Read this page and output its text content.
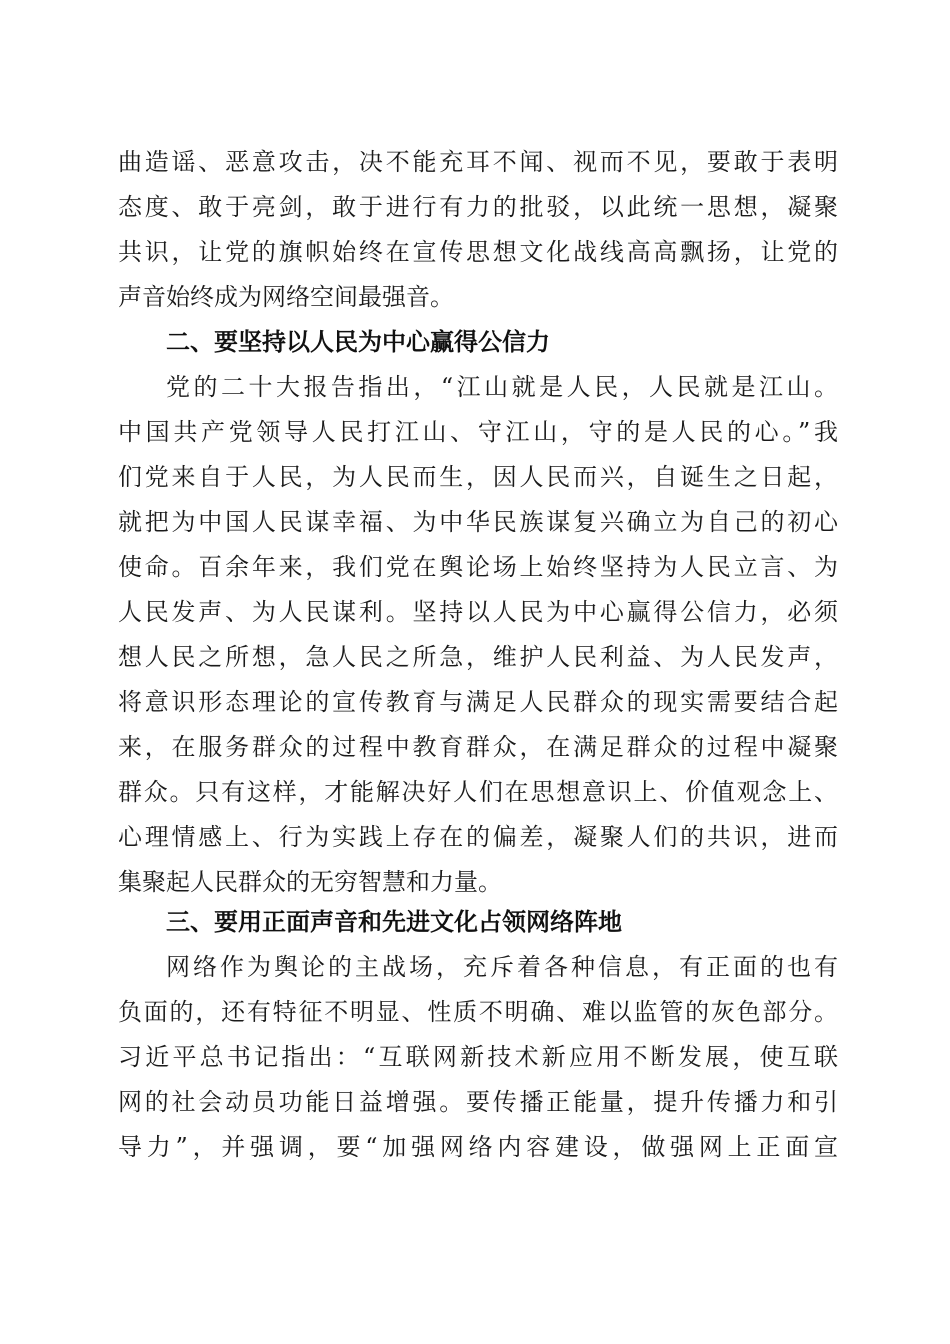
曲造谣、恶意攻击，决不能充耳不闻、视而不见，要敢于表明
态度、敢于亮剑，敢于进行有力的批驳，以此统一思想，凝聚
共识，让党的旗帜始终在宣传思想文化战线高高飘扬，让党的
声音始终成为网络空间最强音。
二、要坚持以人民为中心赢得公信力
党的二十大报告指出，“江山就是人民，人民就是江山。
中国共产党领导人民打江山、守江山，守的是人民的心。”我
们党来自于人民，为人民而生，因人民而兴，自诞生之日起，
就把为中国人民谋幸福、为中华民族谋复兴确立为自己的初心
使命。百余年来，我们党在舆论场上始终坚持为人民立言、为
人民发声、为人民谋利。坚持以人民为中心赢得公信力，必须
想人民之所想，急人民之所急，维护人民利益、为人民发声，
将意识形态理论的宣传教育与满足人民群众的现实需要结合起
来，在服务群众的过程中教育群众，在满足群众的过程中凝聚
群众。只有这样，才能解决好人们在思想意识上、价值观念上、
心理情感上、行为实践上存在的偏差，凝聚人们的共识，进而
集聚起人民群众的无穷智慧和力量。
三、要用正面声音和先进文化占领网络阵地
网络作为舆论的主战场，充斥着各种信息，有正面的也有
负面的，还有特征不明显、性质不明确、难以监管的灰色部分。
习近平总书记指出：“互联网新技术新应用不断发展，使互联
网的社会动员功能日益增强。要传播正能量，提升传播力和引
导力”，并强调，要“加强网络内容建设，做强网上正面宣
